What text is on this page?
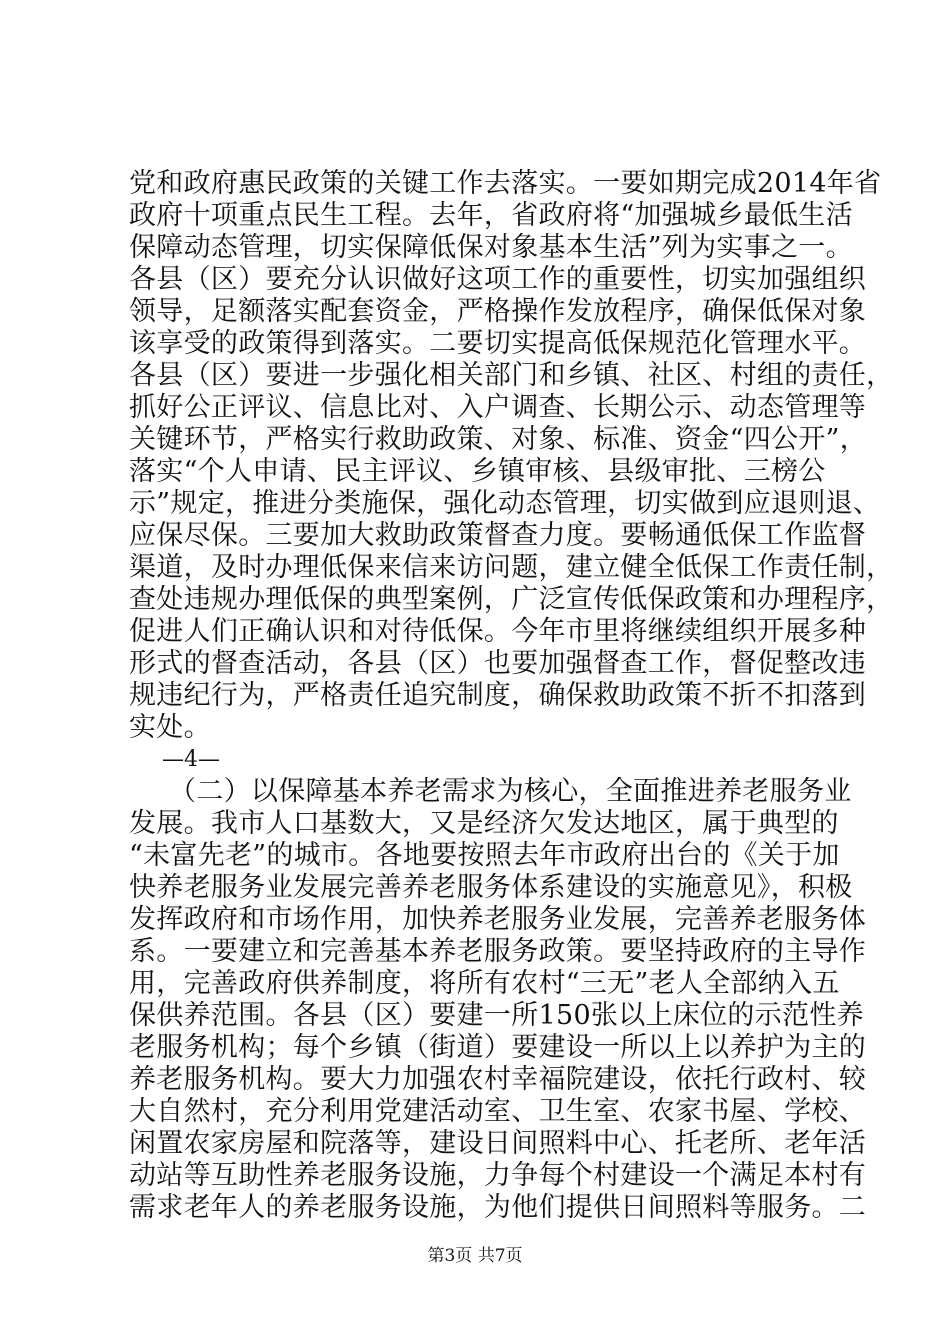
党和政府惠民政策的关键工作去落实。一要如期完成2014年省
政府十项重点民生工程。去年，省政府将“加强城乡最低生活
保障动态管理，切实保障低保对象基本生活”列为实事之一。
各县（区）要充分认识做好这项工作的重要性，切实加强组织
领导，足额落实配套资金，严格操作发放程序，确保低保对象
该享受的政策得到落实。二要切实提高低保规范化管理水平。
各县（区）要进一步强化相关部门和乡镇、社区、村组的责任，
抓好公正评议、信息比对、入户调查、长期公示、动态管理等
关键环节，严格实行救助政策、对象、标准、资金“四公开”，
落实“个人申请、民主评议、乡镇审核、县级审批、三榜公
示”规定，推进分类施保，强化动态管理，切实做到应退则退、
应保尽保。三要加大救助政策督查力度。要畅通低保工作监督
渠道，及时办理低保来信来访问题，建立健全低保工作责任制，
查处违规办理低保的典型案例，广泛宣传低保政策和办理程序，
促进人们正确认识和对待低保。今年市里将继续组织开展多种
形式的督查活动，各县（区）也要加强督查工作，督促整改违
规违纪行为，严格责任追究制度，确保救助政策不折不扣落到
实处。
—4—
（二）以保障基本养老需求为核心，全面推进养老服务业
发展。我市人口基数大，又是经济欠发达地区，属于典型的
“未富先老”的城市。各地要按照去年市政府出台的《关于加
快养老服务业发展完善养老服务体系建设的实施意见》，积极
发挥政府和市场作用，加快养老服务业发展，完善养老服务体
系。一要建立和完善基本养老服务政策。要坚持政府的主导作
用，完善政府供养制度，将所有农村“三无”老人全部纳入五
保供养范围。各县（区）要建一所150张以上床位的示范性养
老服务机构；每个乡镇（街道）要建设一所以上以养护为主的
养老服务机构。要大力加强农村幸福院建设，依托行政村、较
大自然村，充分利用党建活动室、卫生室、农家书屋、学校、
闲置农家房屋和院落等，建设日间照料中心、托老所、老年活
动站等互助性养老服务设施，力争每个村建设一个满足本村有
需求老年人的养老服务设施，为他们提供日间照料等服务。二
第3页 共7页
